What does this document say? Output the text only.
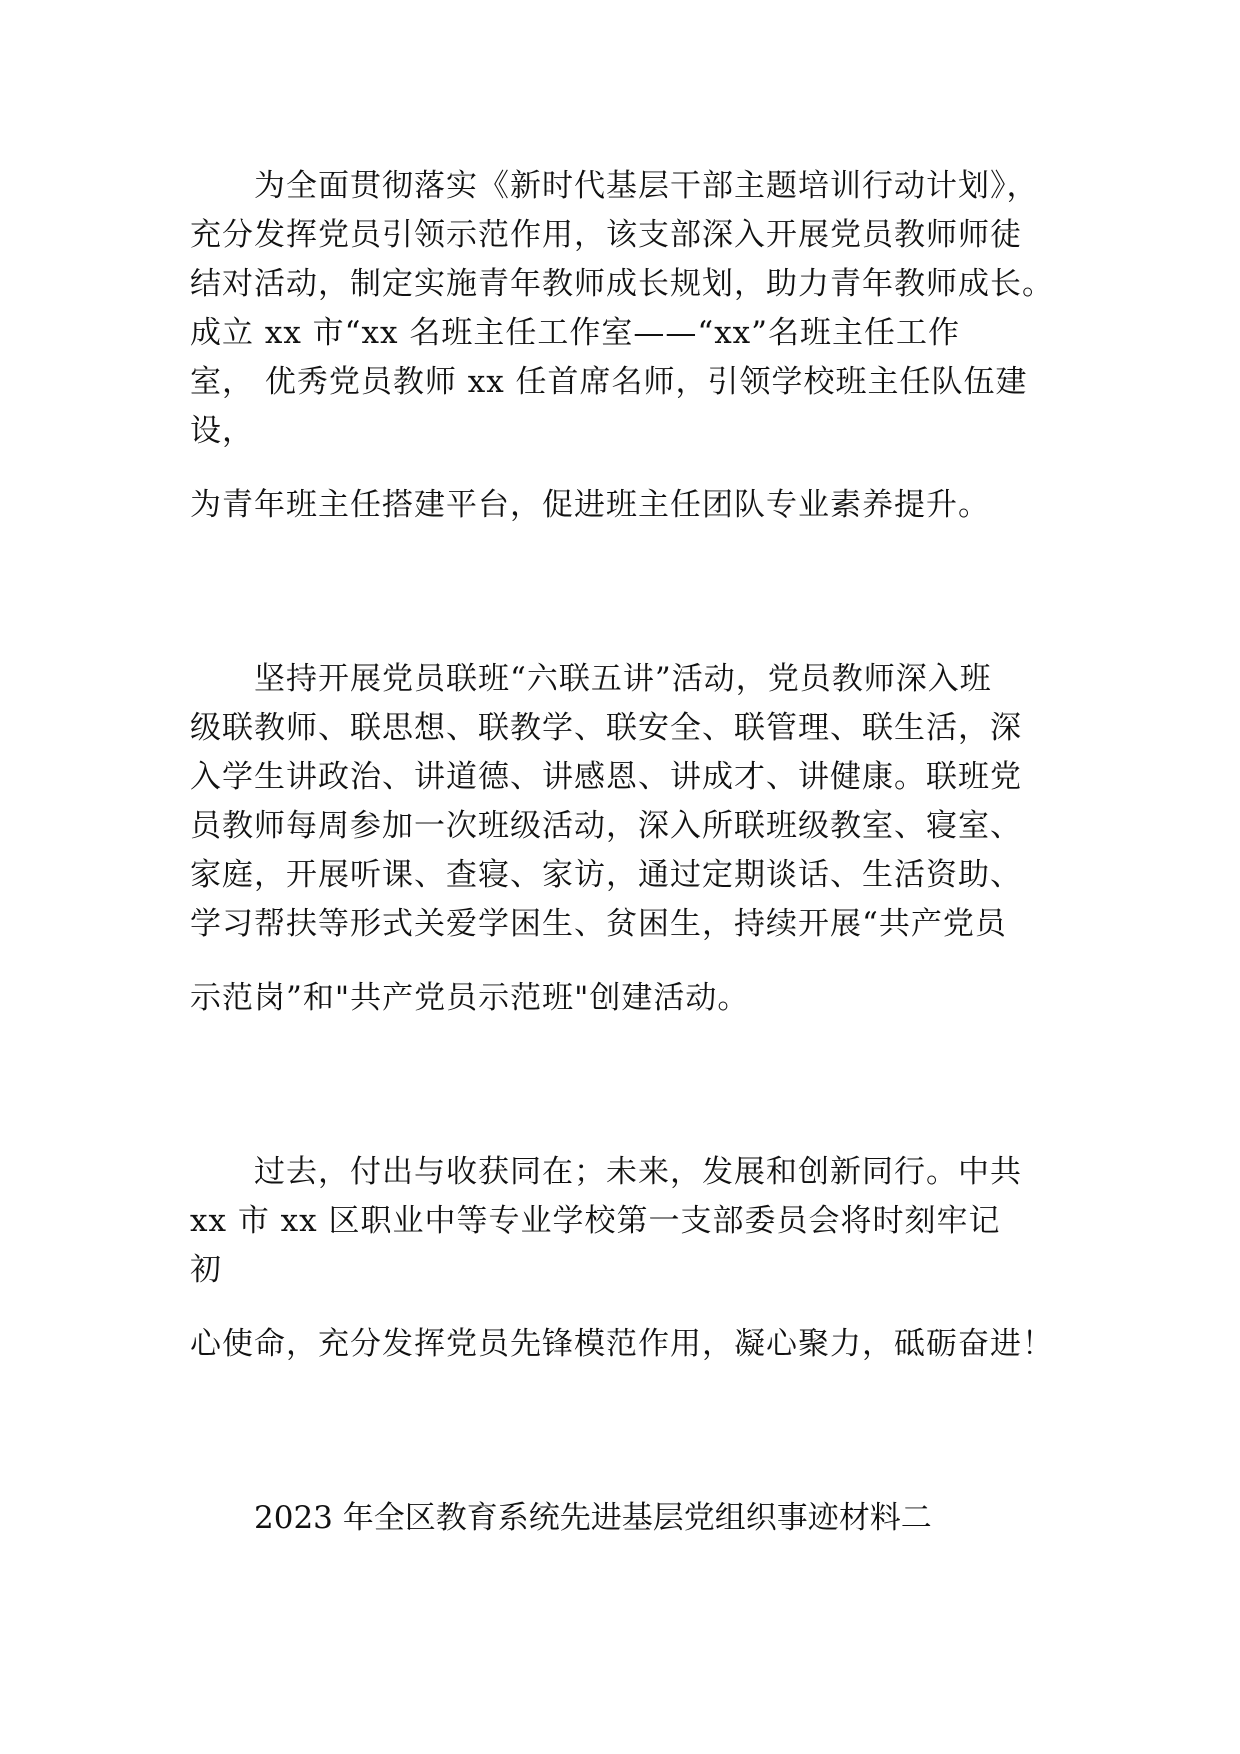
为全面贯彻落实《新时代基层干部主题培训行动计划》，
充分发挥党员引领示范作用，该支部深入开展党员教师师徒
结对活动，制定实施青年教师成长规划，助力青年教师成长。
成立 xx 市“xx 名班主任工作室——“xx”名班主任工作
室， 优秀党员教师 xx 任首席名师，引领学校班主任队伍建
设，
为青年班主任搭建平台，促进班主任团队专业素养提升。
坚持开展党员联班“六联五讲”活动，党员教师深入班
级联教师、联思想、联教学、联安全、联管理、联生活，深
入学生讲政治、讲道德、讲感恩、讲成才、讲健康。联班党
员教师每周参加一次班级活动，深入所联班级教室、寝室、
家庭，开展听课、查寝、家访，通过定期谈话、生活资助、
学习帮扶等形式关爱学困生、贫困生，持续开展“共产党员
示范岗”和"共产党员示范班"创建活动。
过去，付出与收获同在；未来，发展和创新同行。中共
xx 市 xx 区职业中等专业学校第一支部委员会将时刻牢记
初
心使命，充分发挥党员先锋模范作用，凝心聚力，砥砺奋进！
2023 年全区教育系统先进基层党组织事迹材料二
